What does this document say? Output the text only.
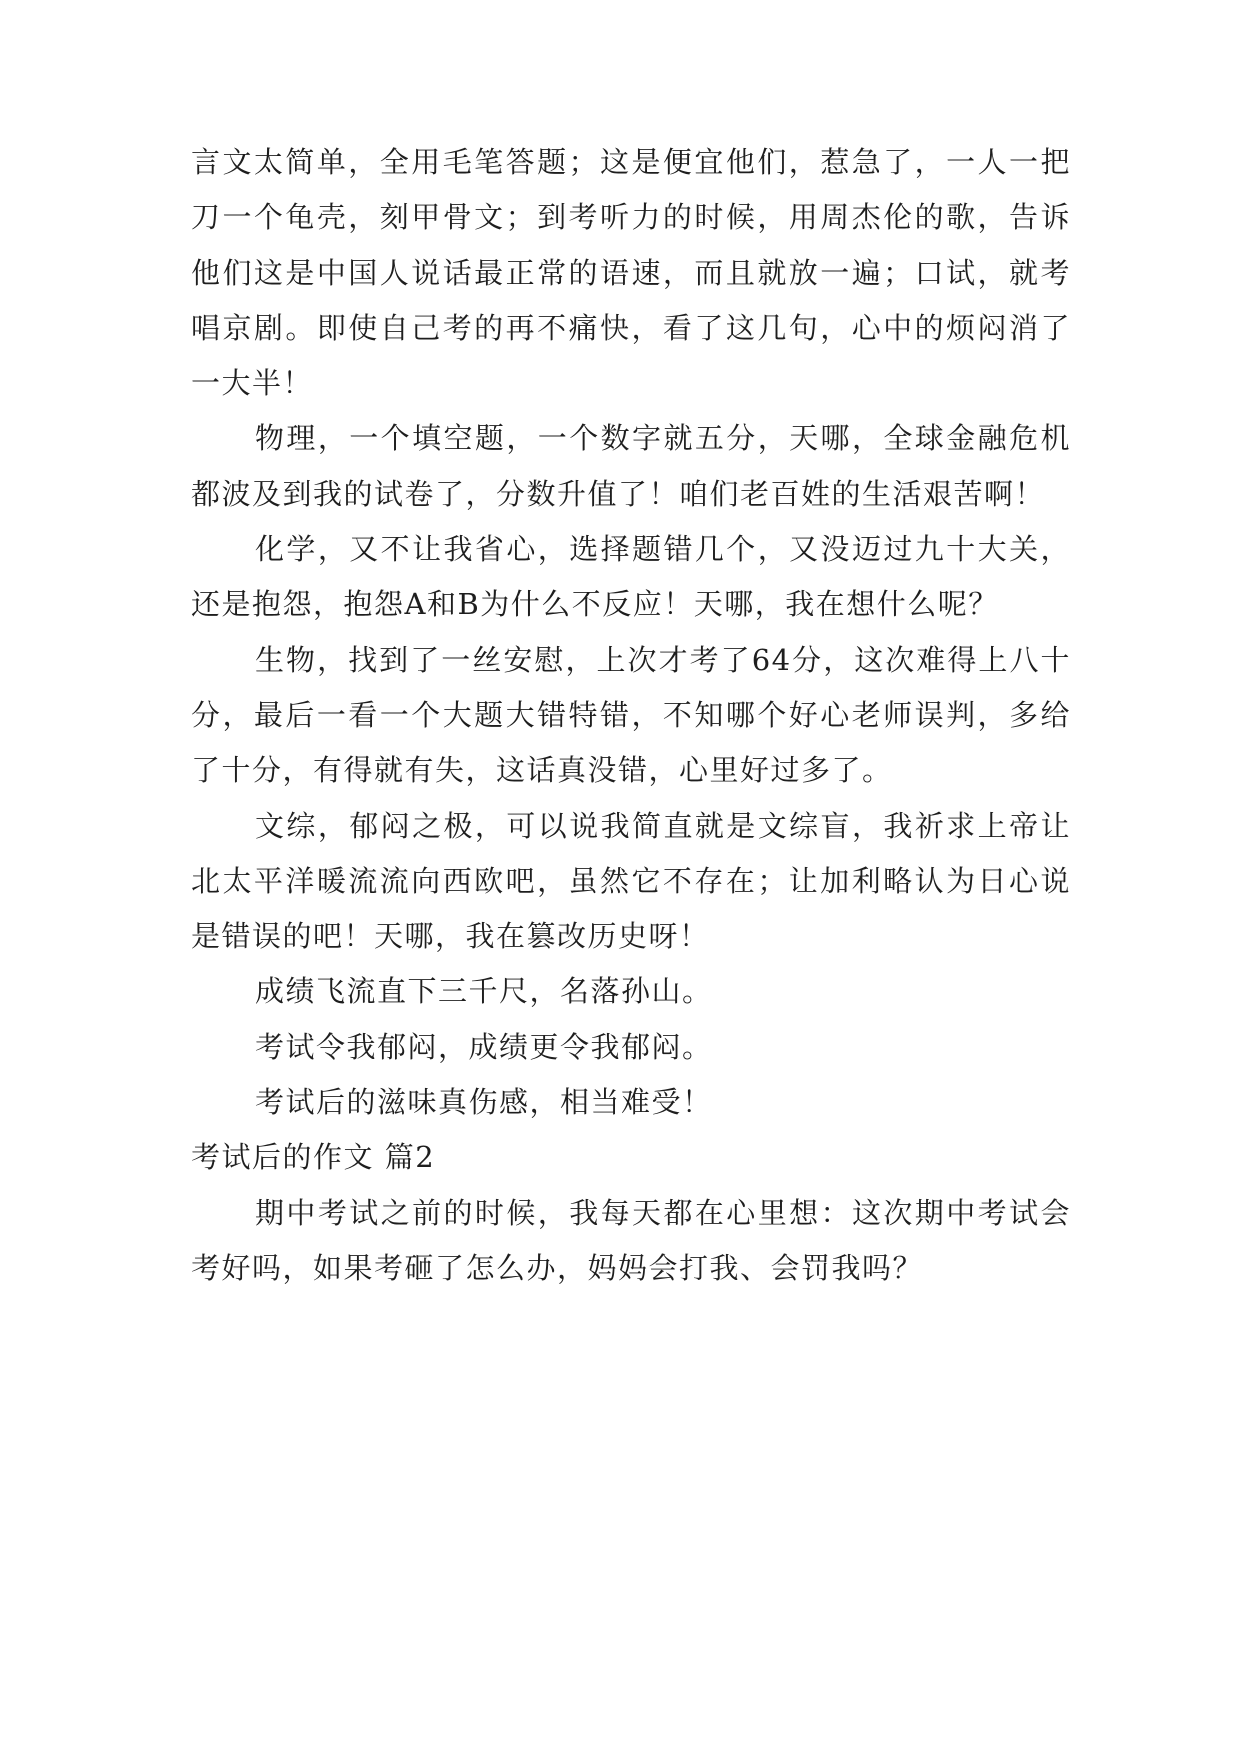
言文太简单，全用毛笔答题；这是便宜他们，惹急了，一人一把刀一个龟壳，刻甲骨文；到考听力的时候，用周杰伦的歌，告诉他们这是中国人说话最正常的语速，而且就放一遍；口试，就考唱京剧。即使自己考的再不痛快，看了这几句，心中的烦闷消了一大半！

物理，一个填空题，一个数字就五分，天哪，全球金融危机都波及到我的试卷了，分数升值了！咱们老百姓的生活艰苦啊！

化学，又不让我省心，选择题错几个，又没迈过九十大关，还是抱怨，抱怨A和B为什么不反应！天哪，我在想什么呢？

生物，找到了一丝安慰，上次才考了64分，这次难得上八十分，最后一看一个大题大错特错，不知哪个好心老师误判，多给了十分，有得就有失，这话真没错，心里好过多了。

文综，郁闷之极，可以说我简直就是文综盲，我祈求上帝让北太平洋暖流流向西欧吧，虽然它不存在；让加利略认为日心说是错误的吧！天哪，我在篡改历史呀！

成绩飞流直下三千尺，名落孙山。

考试令我郁闷，成绩更令我郁闷。

考试后的滋味真伤感，相当难受！

考试后的作文 篇2

期中考试之前的时候，我每天都在心里想：这次期中考试会考好吗，如果考砸了怎么办，妈妈会打我、会罚我吗？
